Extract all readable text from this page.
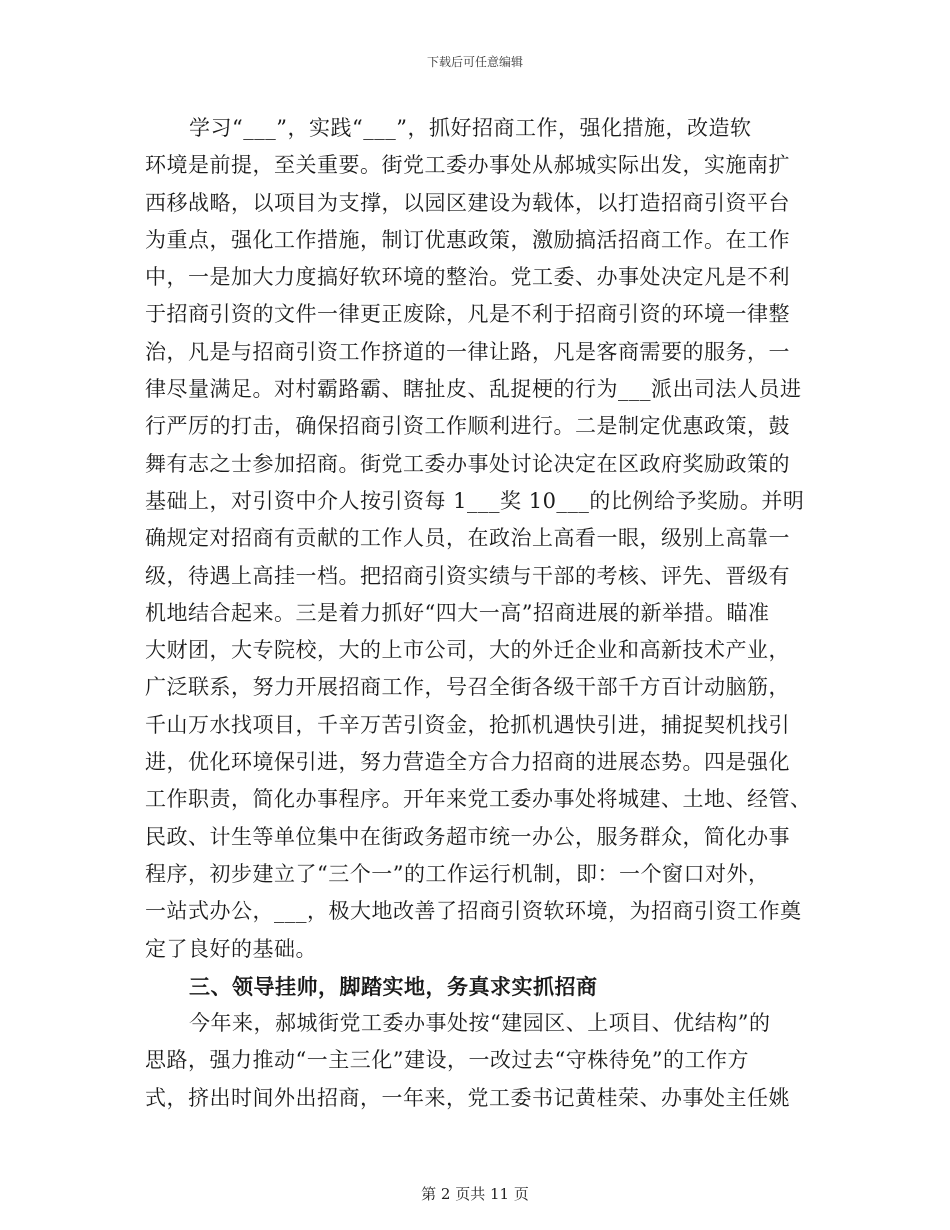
下载后可任意编辑
学习“___”，实践“___”，抓好招商工作，强化措施，改造软
环境是前提，至关重要。街党工委办事处从郝城实际出发，实施南扩
西移战略，以项目为支撑，以园区建设为载体，以打造招商引资平台
为重点，强化工作措施，制订优惠政策，激励搞活招商工作。在工作
中，一是加大力度搞好软环境的整治。党工委、办事处决定凡是不利
于招商引资的文件一律更正废除，凡是不利于招商引资的环境一律整
治，凡是与招商引资工作挤道的一律让路，凡是客商需要的服务，一
律尽量满足。对村霸路霸、瞎扯皮、乱捉梗的行为___派出司法人员进
行严厉的打击，确保招商引资工作顺利进行。二是制定优惠政策，鼓
舞有志之士参加招商。街党工委办事处讨论决定在区政府奖励政策的
基础上，对引资中介人按引资每 1___奖 10___的比例给予奖励。并明
确规定对招商有贡献的工作人员，在政治上高看一眼，级别上高靠一
级，待遇上高挂一档。把招商引资实绩与干部的考核、评先、晋级有
机地结合起来。三是着力抓好“四大一高”招商进展的新举措。瞄准
大财团，大专院校，大的上市公司，大的外迁企业和高新技术产业，
广泛联系，努力开展招商工作，号召全街各级干部千方百计动脑筋，
千山万水找项目，千辛万苦引资金，抢抓机遇快引进，捕捉契机找引
进，优化环境保引进，努力营造全方合力招商的进展态势。四是强化
工作职责，简化办事程序。开年来党工委办事处将城建、土地、经管、
民政、计生等单位集中在街政务超市统一办公，服务群众，简化办事
程序，初步建立了“三个一”的工作运行机制，即：一个窗口对外，
一站式办公，___，极大地改善了招商引资软环境，为招商引资工作奠
定了良好的基础。
三、领导挂帅，脚踏实地，务真求实抓招商
今年来，郝城街党工委办事处按“建园区、上项目、优结构”的
思路，强力推动“一主三化”建设，一改过去“守株待免”的工作方
式，挤出时间外出招商，一年来，党工委书记黄桂荣、办事处主任姚
第 2 页共 11 页
